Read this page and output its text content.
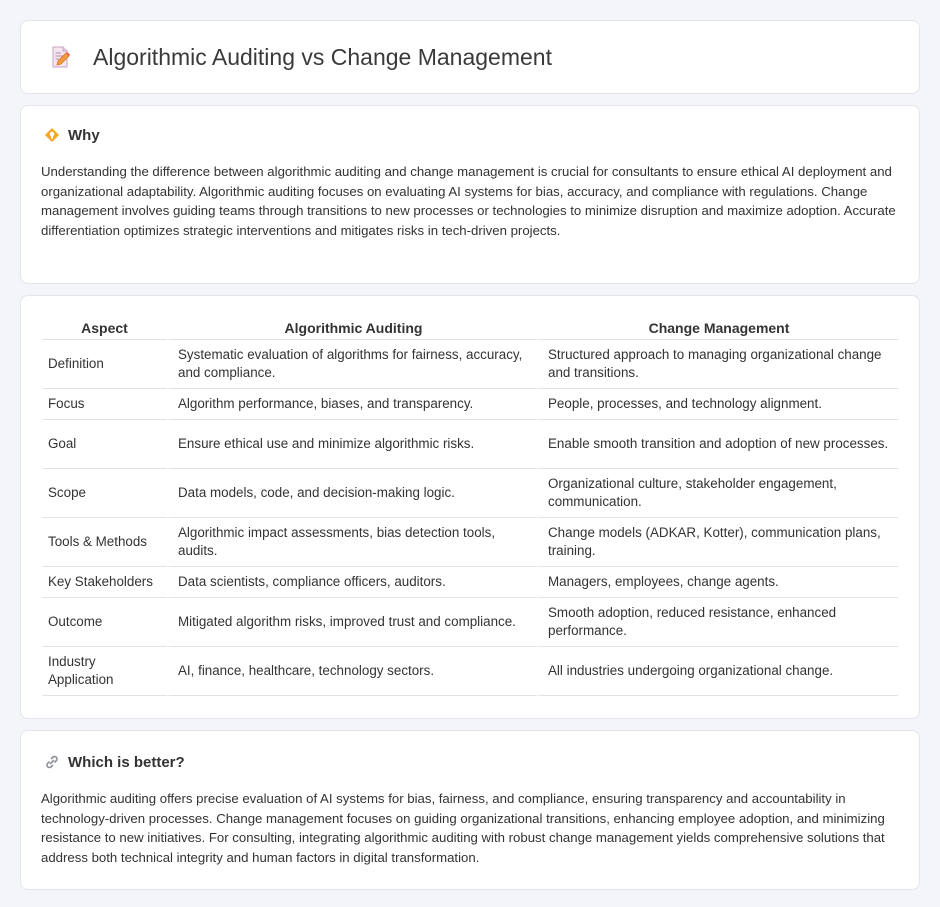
Algorithmic Auditing vs Change Management
Why

Understanding the difference between algorithmic auditing and change management is crucial for consultants to ensure ethical AI deployment and organizational adaptability. Algorithmic auditing focuses on evaluating AI systems for bias, accuracy, and compliance with regulations. Change management involves guiding teams through transitions to new processes or technologies to minimize disruption and maximize adoption. Accurate differentiation optimizes strategic interventions and mitigates risks in tech-driven projects.

Aspect	Algorithmic Auditing	Change Management
Definition	Systematic evaluation of algorithms for fairness, accuracy, and compliance.	Structured approach to managing organizational change and transitions.
Focus	Algorithm performance, biases, and transparency.	People, processes, and technology alignment.
Goal	Ensure ethical use and minimize algorithmic risks.	Enable smooth transition and adoption of new processes.
Scope	Data models, code, and decision-making logic.	Organizational culture, stakeholder engagement, communication.
Tools & Methods	Algorithmic impact assessments, bias detection tools, audits.	Change models (ADKAR, Kotter), communication plans, training.
Key Stakeholders	Data scientists, compliance officers, auditors.	Managers, employees, change agents.
Outcome	Mitigated algorithm risks, improved trust and compliance.	Smooth adoption, reduced resistance, enhanced performance.
Industry Application	AI, finance, healthcare, technology sectors.	All industries undergoing organizational change.
Which is better?

Algorithmic auditing offers precise evaluation of AI systems for bias, fairness, and compliance, ensuring transparency and accountability in technology-driven processes. Change management focuses on guiding organizational transitions, enhancing employee adoption, and minimizing resistance to new initiatives. For consulting, integrating algorithmic auditing with robust change management yields comprehensive solutions that address both technical integrity and human factors in digital transformation.
